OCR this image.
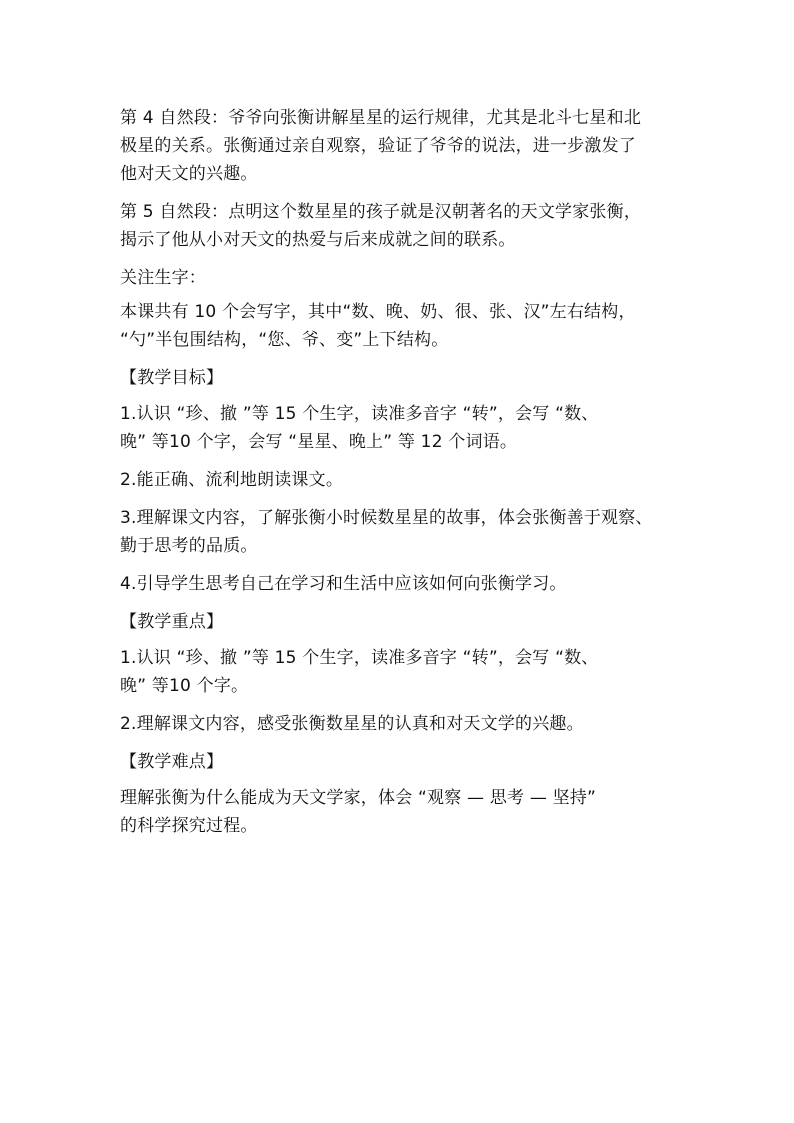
第 4 自然段：爷爷向张衡讲解星星的运行规律，尤其是北斗七星和北
极星的关系。张衡通过亲自观察，验证了爷爷的说法，进一步激发了
他对天文的兴趣。
第 5 自然段：点明这个数星星的孩子就是汉朝著名的天文学家张衡，
揭示了他从小对天文的热爱与后来成就之间的联系。
关注生字：
本课共有 10 个会写字，其中“数、晚、奶、很、张、汉”左右结构，
“勺”半包围结构，“您、爷、变”上下结构。
【教学目标】
1.认识 “珍、撤 ”等 15 个生字，读准多音字 “转”，会写 “数、
晚” 等10 个字，会写 “星星、晚上” 等 12 个词语。
2.能正确、流利地朗读课文。
3.理解课文内容，了解张衡小时候数星星的故事，体会张衡善于观察、
勤于思考的品质。
4.引导学生思考自己在学习和生活中应该如何向张衡学习。
【教学重点】
1.认识 “珍、撤 ”等 15 个生字，读准多音字 “转”，会写 “数、
晚” 等10 个字。
2.理解课文内容，感受张衡数星星的认真和对天文学的兴趣。
【教学难点】
理解张衡为什么能成为天文学家，体会 “观察 — 思考 — 坚持”
的科学探究过程。
